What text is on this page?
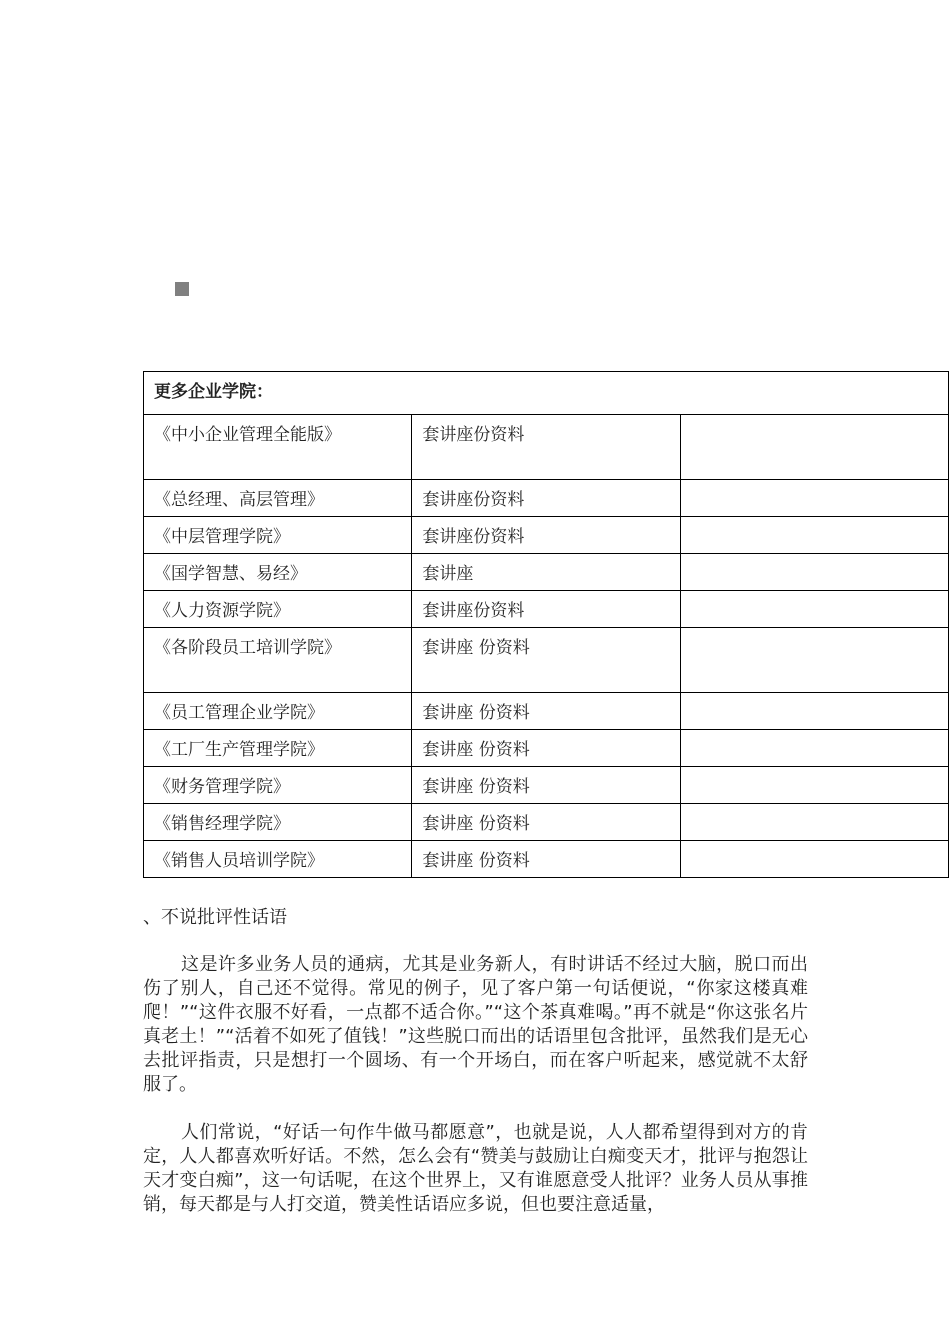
更多企业学院：		
《中小企业管理全能版》	套讲座份资料	
《总经理、高层管理》	套讲座份资料	
《中层管理学院》	套讲座份资料	
《国学智慧、易经》	套讲座	
《人力资源学院》	套讲座份资料	
《各阶段员工培训学院》	套讲座 份资料	
《员工管理企业学院》	套讲座 份资料	
《工厂生产管理学院》	套讲座 份资料	
《财务管理学院》	套讲座 份资料	
《销售经理学院》	套讲座 份资料	
《销售人员培训学院》	套讲座 份资料	
、不说批评性话语

这是许多业务人员的通病，尤其是业务新人，有时讲话不经过大脑，脱口而出伤了别人，自己还不觉得。常见的例子，见了客户第一句话便说，“你家这楼真难爬！”“这件衣服不好看，一点都不适合你。”“这个茶真难喝。”再不就是“你这张名片真老土！”“活着不如死了值钱！”这些脱口而出的话语里包含批评，虽然我们是无心去批评指责，只是想打一个圆场、有一个开场白，而在客户听起来，感觉就不太舒服了。

人们常说，“好话一句作牛做马都愿意”，也就是说，人人都希望得到对方的肯定，人人都喜欢听好话。不然，怎么会有“赞美与鼓励让白痴变天才，批评与抱怨让天才变白痴”，这一句话呢，在这个世界上，又有谁愿意受人批评？业务人员从事推销，每天都是与人打交道，赞美性话语应多说，但也要注意适量，
